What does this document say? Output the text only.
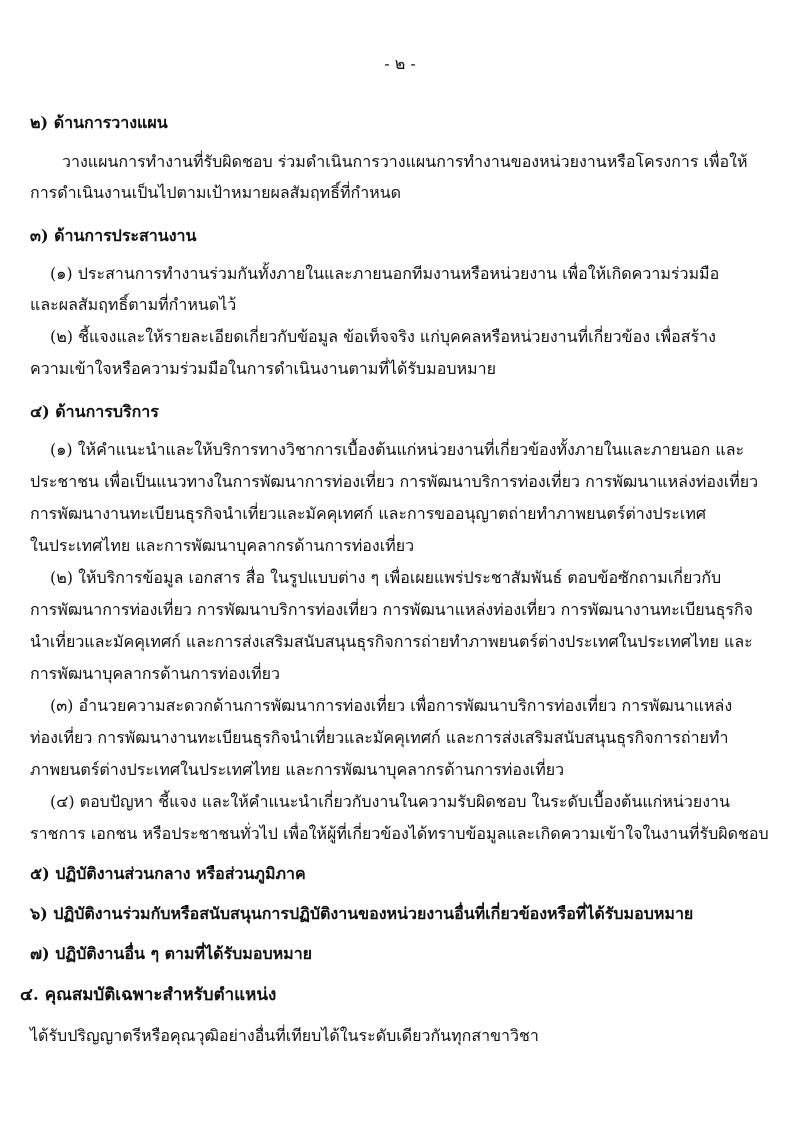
- ๒ -
๒) ด้านการวางแผน
วางแผนการทำงานที่รับผิดชอบ ร่วมดำเนินการวางแผนการทำงานของหน่วยงานหรือโครงการ เพื่อให้
การดำเนินงานเป็นไปตามเป้าหมายผลสัมฤทธิ์ที่กำหนด
๓) ด้านการประสานงาน
(๑) ประสานการทำงานร่วมกันทั้งภายในและภายนอกทีมงานหรือหน่วยงาน เพื่อให้เกิดความร่วมมือ
และผลสัมฤทธิ์ตามที่กำหนดไว้
(๒) ชี้แจงและให้รายละเอียดเกี่ยวกับข้อมูล ข้อเท็จจริง แก่บุคคลหรือหน่วยงานที่เกี่ยวข้อง เพื่อสร้าง
ความเข้าใจหรือความร่วมมือในการดำเนินงานตามที่ได้รับมอบหมาย
๔) ด้านการบริการ
(๑) ให้คำแนะนำและให้บริการทางวิชาการเบื้องต้นแก่หน่วยงานที่เกี่ยวข้องทั้งภายในและภายนอก และ
ประชาชน เพื่อเป็นแนวทางในการพัฒนาการท่องเที่ยว การพัฒนาบริการท่องเที่ยว การพัฒนาแหล่งท่องเที่ยว
การพัฒนางานทะเบียนธุรกิจนำเที่ยวและมัคคุเทศก์ และการขออนุญาตถ่ายทำภาพยนตร์ต่างประเทศ
ในประเทศไทย และการพัฒนาบุคลากรด้านการท่องเที่ยว
(๒) ให้บริการข้อมูล เอกสาร สื่อ ในรูปแบบต่าง ๆ เพื่อเผยแพร่ประชาสัมพันธ์ ตอบข้อซักถามเกี่ยวกับ
การพัฒนาการท่องเที่ยว การพัฒนาบริการท่องเที่ยว การพัฒนาแหล่งท่องเที่ยว การพัฒนางานทะเบียนธุรกิจ
นำเที่ยวและมัคคุเทศก์ และการส่งเสริมสนับสนุนธุรกิจการถ่ายทำภาพยนตร์ต่างประเทศในประเทศไทย และ
การพัฒนาบุคลากรด้านการท่องเที่ยว
(๓) อำนวยความสะดวกด้านการพัฒนาการท่องเที่ยว เพื่อการพัฒนาบริการท่องเที่ยว การพัฒนาแหล่ง
ท่องเที่ยว การพัฒนางานทะเบียนธุรกิจนำเที่ยวและมัคคุเทศก์ และการส่งเสริมสนับสนุนธุรกิจการถ่ายทำ
ภาพยนตร์ต่างประเทศในประเทศไทย และการพัฒนาบุคลากรด้านการท่องเที่ยว
(๔) ตอบปัญหา ชี้แจง และให้คำแนะนำเกี่ยวกับงานในความรับผิดชอบ ในระดับเบื้องต้นแก่หน่วยงาน
ราชการ เอกชน หรือประชาชนทั่วไป เพื่อให้ผู้ที่เกี่ยวข้องได้ทราบข้อมูลและเกิดความเข้าใจในงานที่รับผิดชอบ
๕) ปฏิบัติงานส่วนกลาง หรือส่วนภูมิภาค
๖) ปฏิบัติงานร่วมกับหรือสนับสนุนการปฏิบัติงานของหน่วยงานอื่นที่เกี่ยวข้องหรือที่ได้รับมอบหมาย
๗) ปฏิบัติงานอื่น ๆ ตามที่ได้รับมอบหมาย
๔. คุณสมบัติเฉพาะสำหรับตำแหน่ง
ได้รับปริญญาตรีหรือคุณวุฒิอย่างอื่นที่เทียบได้ในระดับเดียวกันทุกสาขาวิชา
